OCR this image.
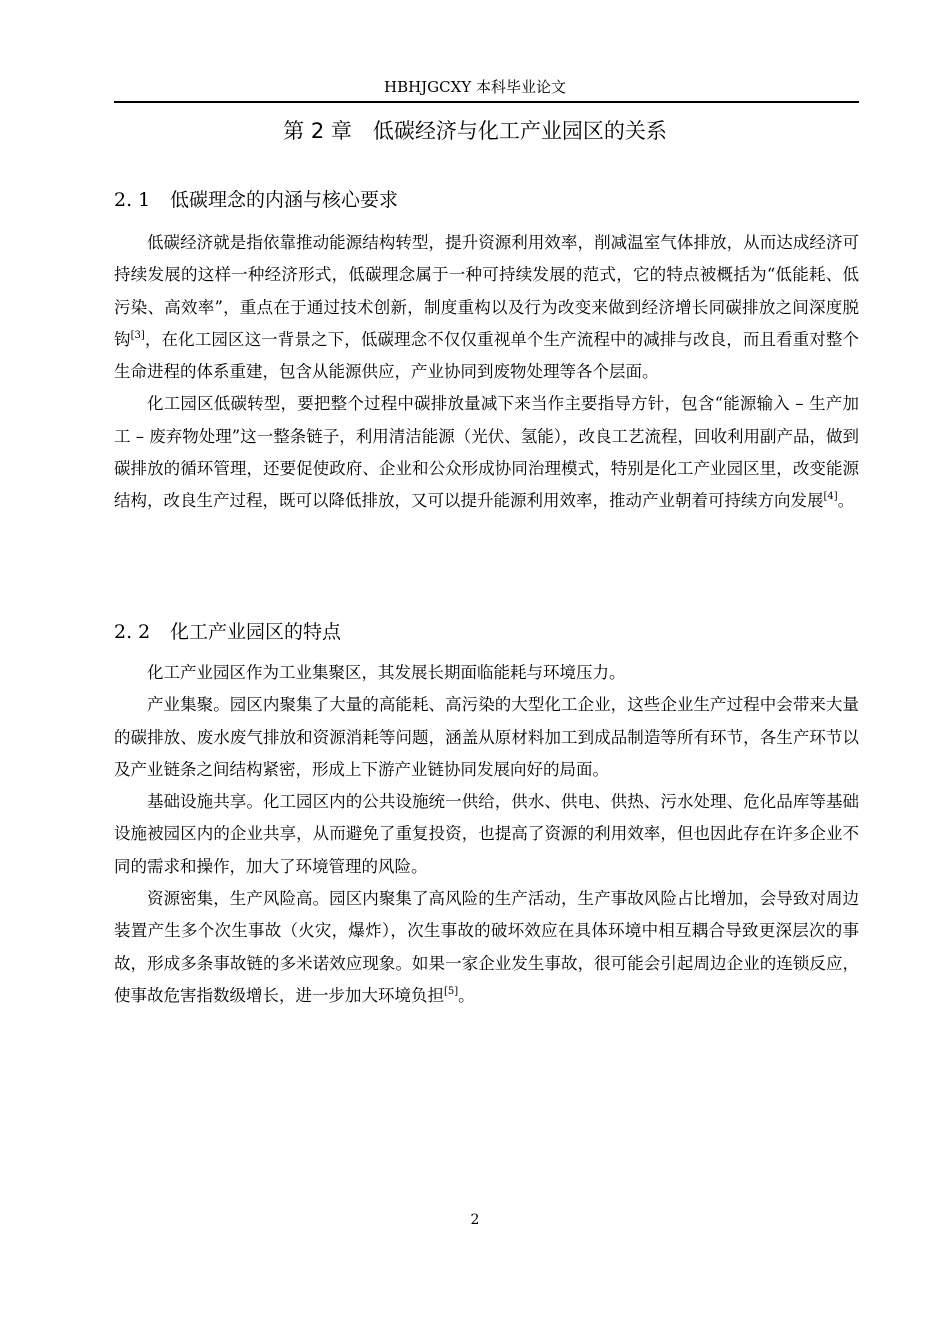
HBHJGCXY 本科毕业论文
第 2 章　低碳经济与化工产业园区的关系
2. 1 低碳理念的内涵与核心要求

低碳经济就是指依靠推动能源结构转型，提升资源利用效率，削减温室气体排放，从而达成经济可持续发展的这样一种经济形式，低碳理念属于一种可持续发展的范式，它的特点被概括为“低能耗、低污染、高效率”，重点在于通过技术创新，制度重构以及行为改变来做到经济增长同碳排放之间深度脱钩[3]，在化工园区这一背景之下，低碳理念不仅仅重视单个生产流程中的减排与改良，而且看重对整个生命进程的体系重建，包含从能源供应，产业协同到废物处理等各个层面。

化工园区低碳转型，要把整个过程中碳排放量减下来当作主要指导方针，包含“能源输入 – 生产加工 – 废弃物处理”这一整条链子，利用清洁能源（光伏、氢能），改良工艺流程，回收利用副产品，做到碳排放的循环管理，还要促使政府、企业和公众形成协同治理模式，特别是化工产业园区里，改变能源结构，改良生产过程，既可以降低排放，又可以提升能源利用效率，推动产业朝着可持续方向发展[4]。

2. 2 化工产业园区的特点

化工产业园区作为工业集聚区，其发展长期面临能耗与环境压力。

产业集聚。园区内聚集了大量的高能耗、高污染的大型化工企业，这些企业生产过程中会带来大量的碳排放、废水废气排放和资源消耗等问题，涵盖从原材料加工到成品制造等所有环节，各生产环节以及产业链条之间结构紧密，形成上下游产业链协同发展向好的局面。

基础设施共享。化工园区内的公共设施统一供给，供水、供电、供热、污水处理、危化品库等基础设施被园区内的企业共享，从而避免了重复投资，也提高了资源的利用效率，但也因此存在许多企业不同的需求和操作，加大了环境管理的风险。

资源密集，生产风险高。园区内聚集了高风险的生产活动，生产事故风险占比增加，会导致对周边装置产生多个次生事故（火灾，爆炸），次生事故的破坏效应在具体环境中相互耦合导致更深层次的事故，形成多条事故链的多米诺效应现象。如果一家企业发生事故，很可能会引起周边企业的连锁反应，使事故危害指数级增长，进一步加大环境负担[5]。

2
